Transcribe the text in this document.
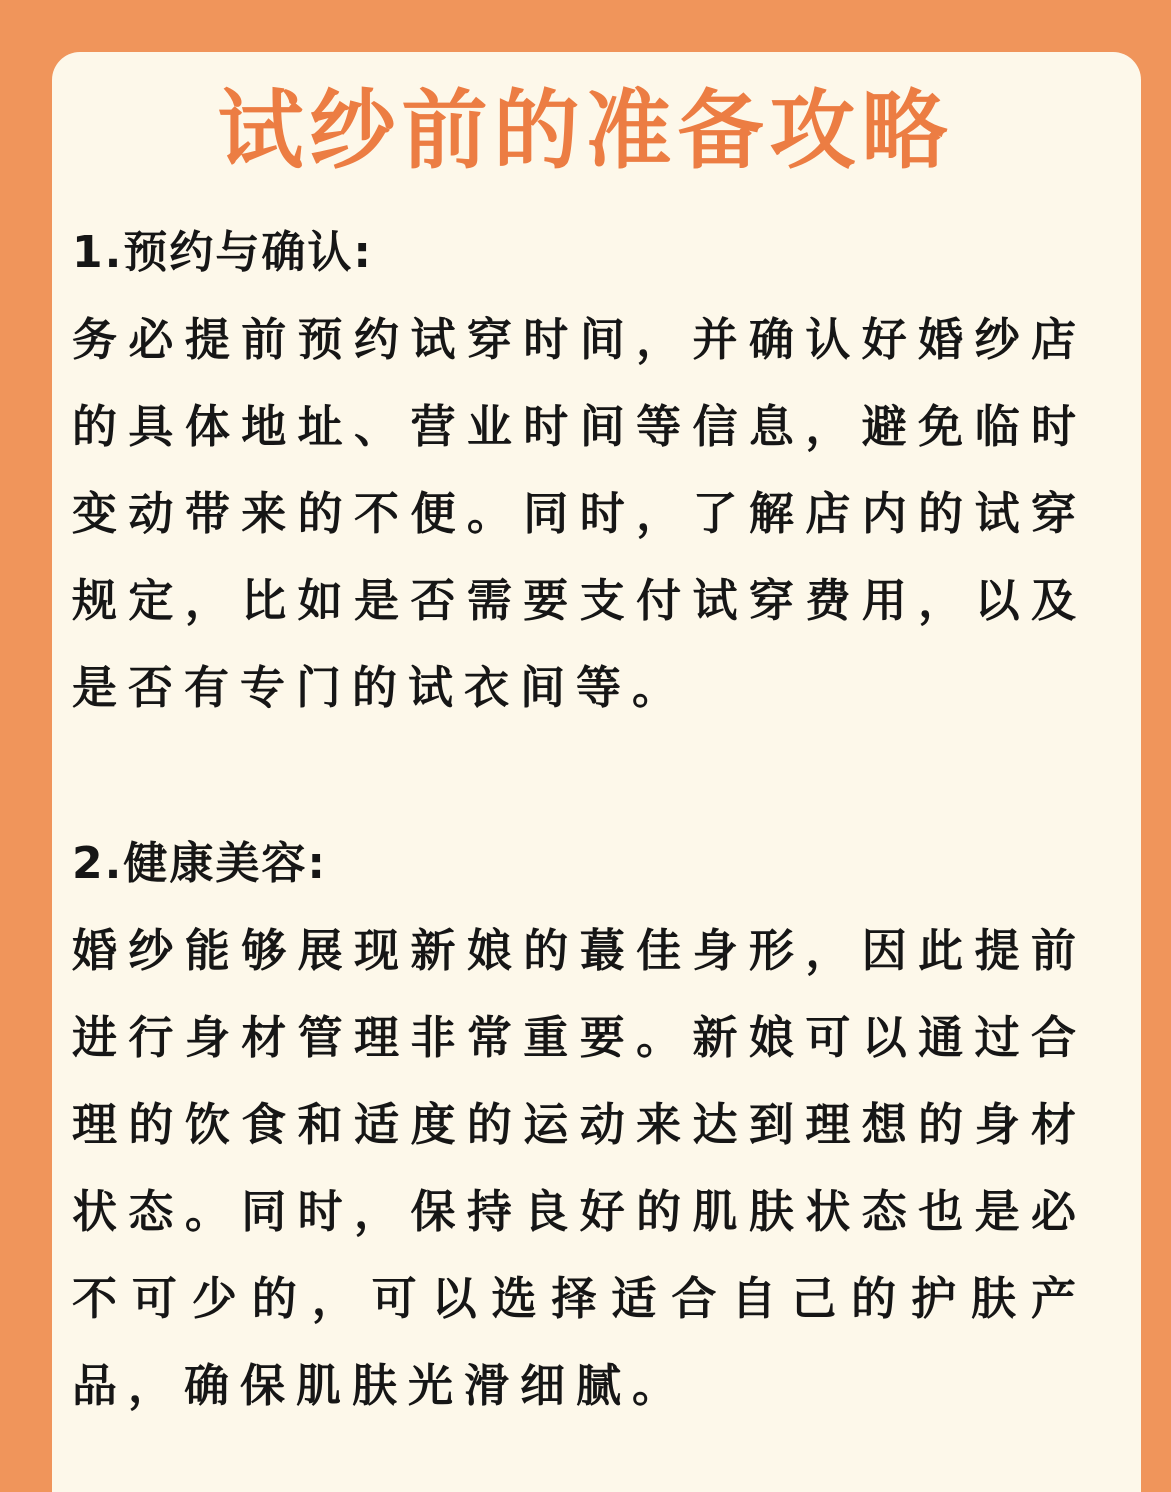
试纱前的准备攻略

1.预约与确认:

务必提前预约试穿时间，并确认好婚纱店的具体地址、营业时间等信息，避免临时变动带来的不便。同时，了解店内的试穿规定，比如是否需要支付试穿费用，以及是否有专门的试衣间等。

2.健康美容:

婚纱能够展现新娘的蕞佳身形，因此提前进行身材管理非常重要。新娘可以通过合理的饮食和适度的运动来达到理想的身材状态。同时，保持良好的肌肤状态也是必不可少的，可以选择适合自己的护肤产品，确保肌肤光滑细腻。
